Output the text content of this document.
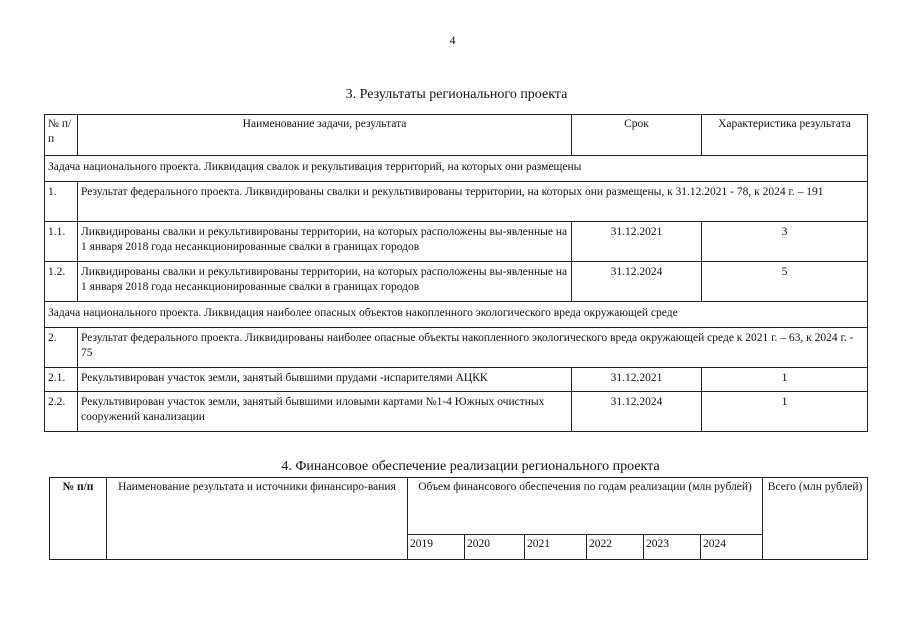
4
3. Результаты регионального проекта
№ п/п	Наименование задачи, результата	Срок	Характеристика результата
Задача национального проекта. Ликвидация свалок и рекультивация территорий, на которых они размещены			
1.	Результат федерального проекта. Ликвидированы свалки и рекультивированы территории, на которых они размещены, к 31.12.2021 - 78, к 2024 г. – 191		
1.1.	Ликвидированы свалки и рекультивированы территории, на которых расположены вы-явленные на 1 января 2018 года несанкционированные свалки в границах городов	31.12.2021	3
1.2.	Ликвидированы свалки и рекультивированы территории, на которых расположены вы-явленные на 1 января 2018 года несанкционированные свалки в границах городов	31.12.2024	5
Задача национального проекта. Ликвидация наиболее опасных объектов накопленного экологического вреда окружающей среде			
2.	Результат федерального проекта. Ликвидированы наиболее опасные объекты накопленного экологического вреда окружающей среде к 2021 г. – 63, к 2024 г. - 75		
2.1.	Рекультивирован участок земли, занятый бывшими прудами -испарителями АЦКК	31.12.2021	1
2.2.	Рекультивирован участок земли, занятый бывшими иловыми картами №1-4 Южных очистных сооружений канализации	31.12.2024	1
4. Финансовое обеспечение реализации регионального проекта
№ п/п	Наименование результата и источники финансиро-вания	Объем финансового обеспечения по годам реализации (млн рублей)						Всего (млн рублей)
		2019	2020	2021	2022	2023	2024	
